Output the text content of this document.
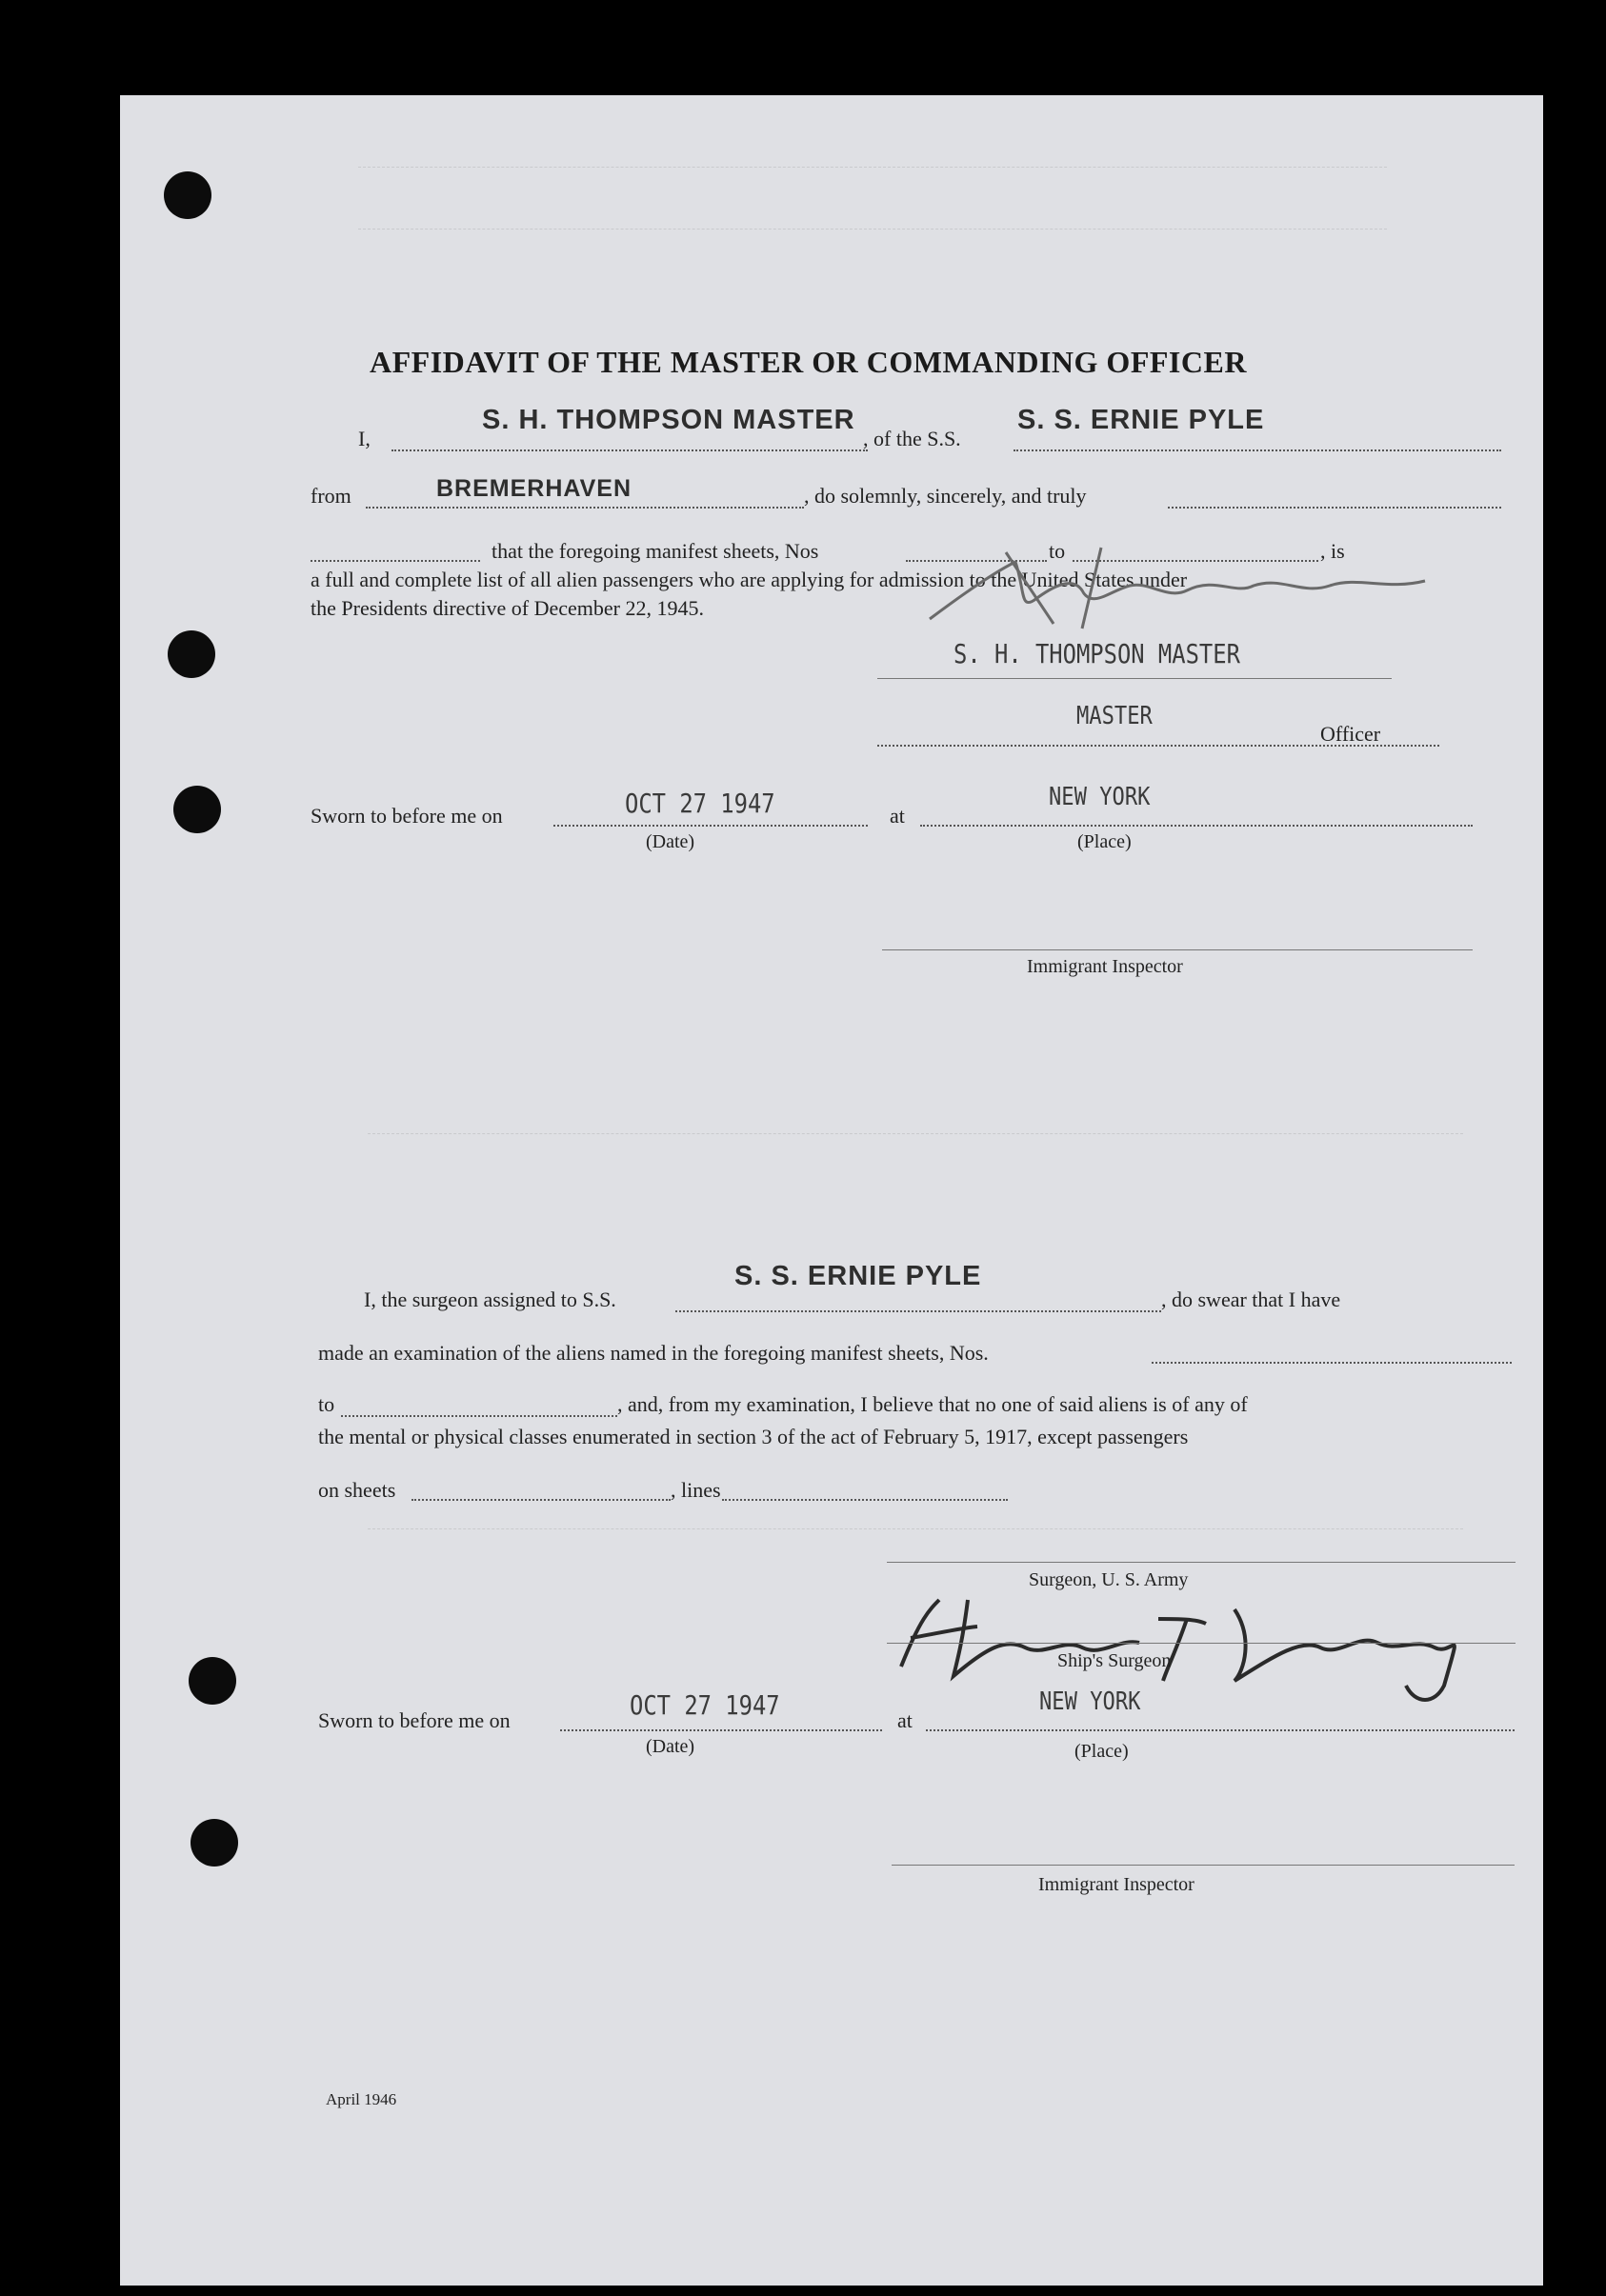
AFFIDAVIT OF THE MASTER OR COMMANDING OFFICER
I,
S. H. THOMPSON MASTER
, of the S.S.
S. S. ERNIE PYLE
from	BREMERHAVEN	, do solemnly, sincerely, and truly
that the foregoing manifest sheets, Nos	to	, is
a full and complete list of all alien passengers who are applying for admission to the United States under
the Presidents directive of December 22, 1945.
S. H. THOMPSON MASTER
MASTER
Officer
Sworn to before me on	OCT 27 1947
(Date)
at
NEW YORK
(Place)
Immigrant Inspector
I, the surgeon assigned to S.S.
S. S. ERNIE PYLE
, do swear that I have
made an examination of the aliens named in the foregoing manifest sheets, Nos.
to	, and, from my examination, I believe that no one of said aliens is of any of
the mental or physical classes enumerated in section 3 of the act of February 5, 1917, except passengers
on sheets	, lines
Surgeon, U. S. Army
Ship's Surgeon
Sworn to before me on	OCT 27 1947
(Date)
at
NEW YORK
(Place)
Immigrant Inspector
April 1946
